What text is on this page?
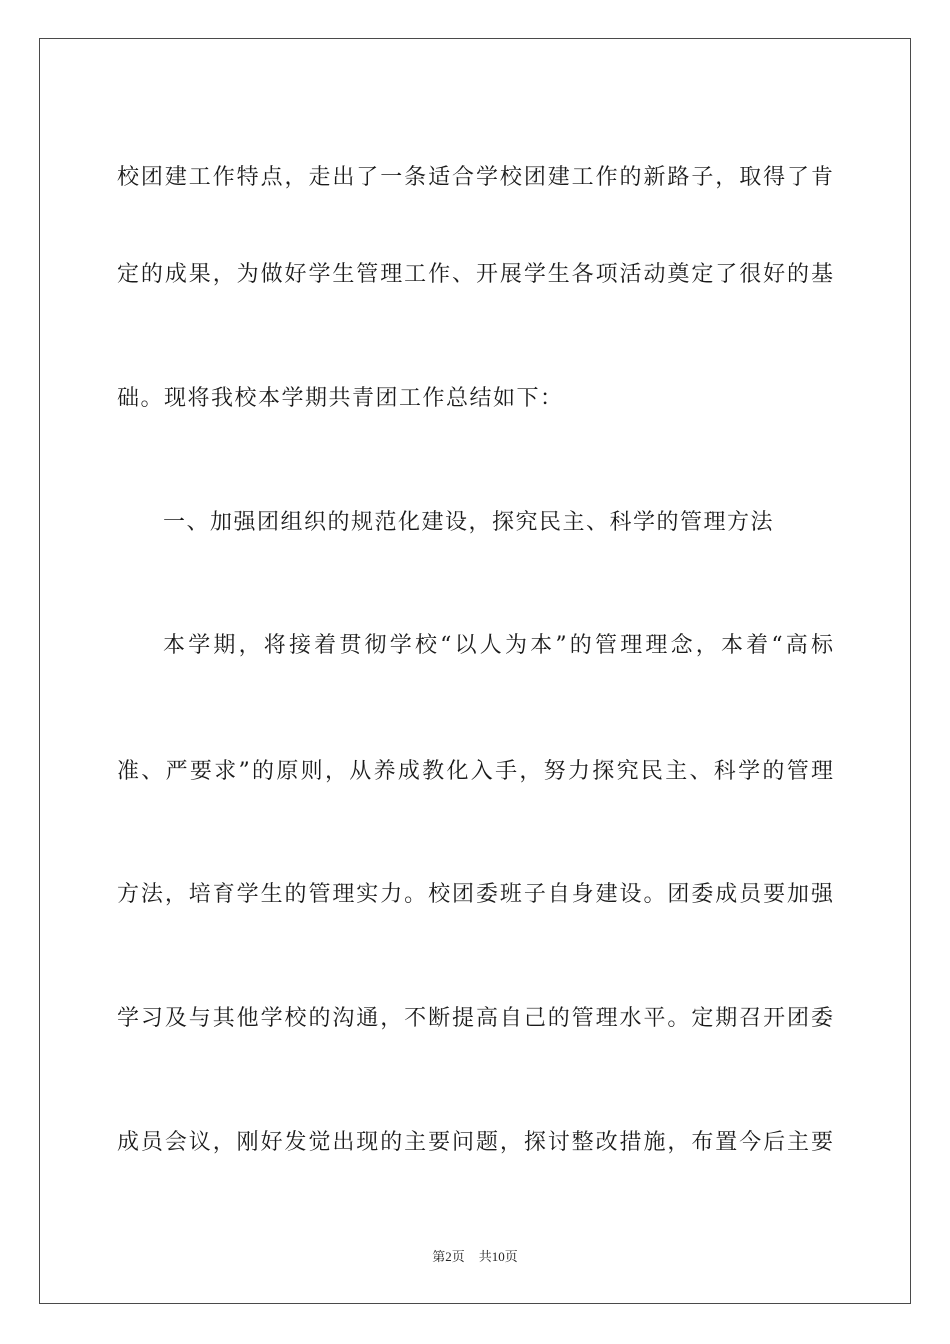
校团建工作特点，走出了一条适合学校团建工作的新路子，取得了肯
定的成果，为做好学生管理工作、开展学生各项活动奠定了很好的基
础。现将我校本学期共青团工作总结如下：
一、加强团组织的规范化建设，探究民主、科学的管理方法
本学期，将接着贯彻学校“以人为本”的管理理念，本着“高标
准、严要求”的原则，从养成教化入手，努力探究民主、科学的管理
方法，培育学生的管理实力。校团委班子自身建设。团委成员要加强
学习及与其他学校的沟通，不断提高自己的管理水平。定期召开团委
成员会议，刚好发觉出现的主要问题，探讨整改措施，布置今后主要
第2页 共10页
